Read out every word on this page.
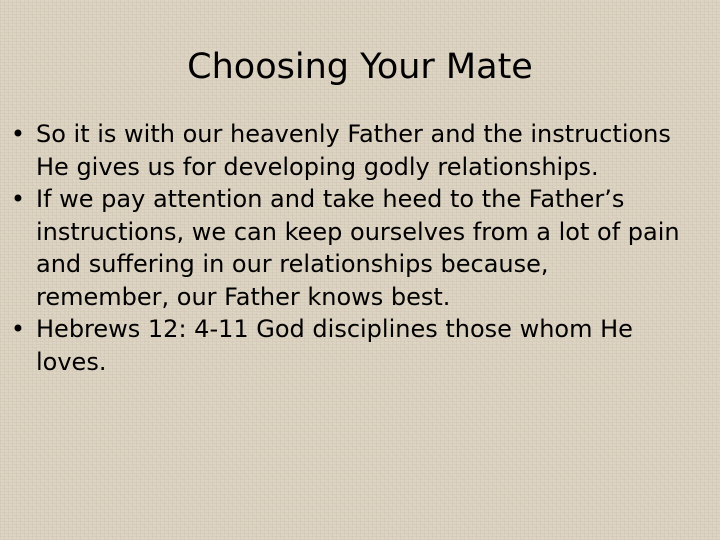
Choosing Your Mate
• So it is with our heavenly Father and the instructions He gives us for developing godly relationships.
• If we pay attention and take heed to the Father’s instructions, we can keep ourselves from a lot of pain and suffering in our relationships because, remember, our Father knows best.
• Hebrews 12: 4-11 God disciplines those whom He loves.
